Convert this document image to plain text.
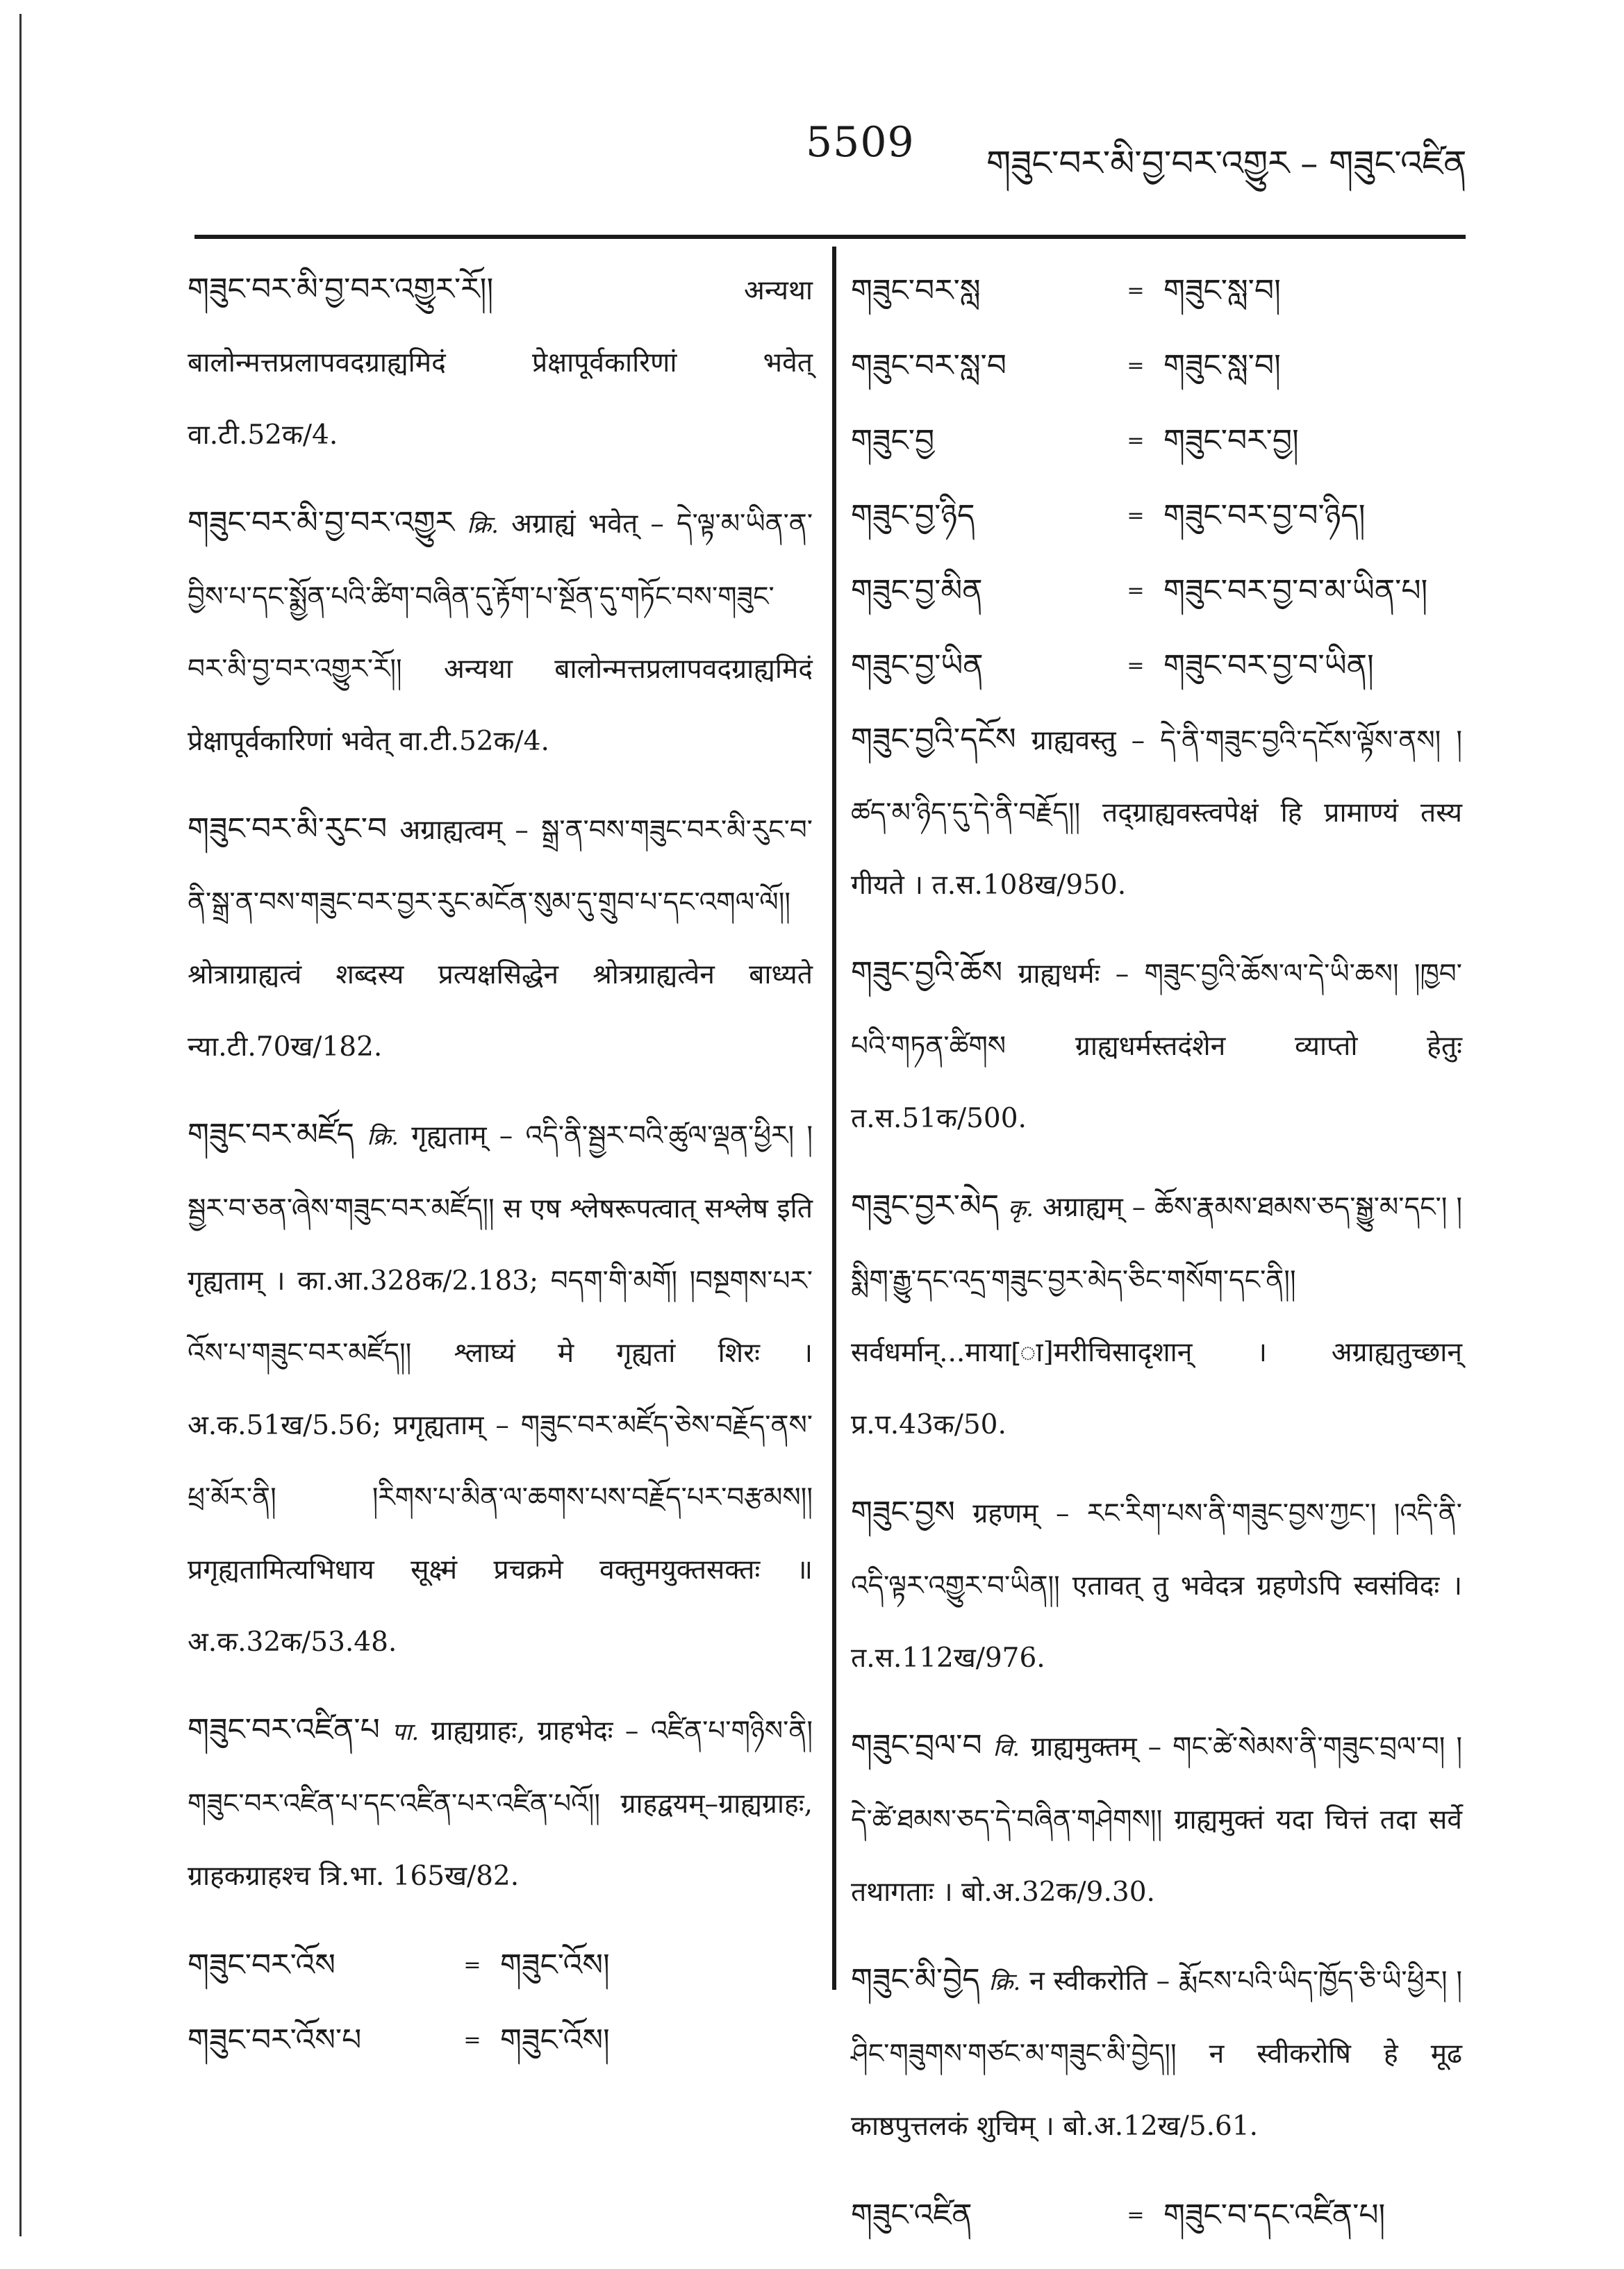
5509 གཟུང་བར་མི་བྱ་བར་འགྱུར – གཟུང་འཛིན
གཟུང་བར་མི་བྱ་བར་འགྱུར་རོ།།	अन्यथा बालोन्मत्तप्रलापवदग्राह्यमिदं प्रेक्षापूर्वकारिणां भवेत् वा.टी.52क/4.
གཟུང་བར་མི་བྱ་བར་འགྱུར क्रि. अग्राह्यं भवेत् – དེ་ལྟ་མ་ཡིན་ན་བྱིས་པ་དང་སྨྱོན་པའི་ཚིག་བཞིན་དུ་རྟོག་པ་སྔོན་དུ་གཏོང་བས་གཟུང་བར་མི་བྱ་བར་འགྱུར་རོ།། अन्यथा बालोन्मत्तप्रलापवदग्राह्यमिदं प्रेक्षापूर्वकारिणां भवेत् वा.टी.52क/4.
གཟུང་བར་མི་རུང་བ अग्राह्यत्वम् – སྒྲ་ན་བས་གཟུང་བར་མི་རུང་བ་ནི་སྒྲ་ན་བས་གཟུང་བར་བྱར་རུང་མངོན་སུམ་དུ་གྲུབ་པ་དང་འགལ་ལོ།། श्रोत्राग्राह्यत्वं शब्दस्य प्रत्यक्षसिद्धेन श्रोत्रग्राह्यत्वेन बाध्यते न्या.टी.70ख/182.
གཟུང་བར་མཛོད क्रि. गृह्यताम् – འདི་ནི་སྦྱར་བའི་ཚུལ་ལྡན་ཕྱིར། །སྦྱར་བ་ཅན་ཞེས་གཟུང་བར་མཛོད།། स एष श्लेषरूपत्वात् सश्लेष इति गृह्यताम् । का.आ.328क/2.183; བདག་གི་མགོ། །བསྔགས་པར་འོས་པ་གཟུང་བར་མཛོད།། श्लाघ्यं मे गृह्यतां शिरः । अ.क.51ख/5.56; प्रगृह्यताम् – གཟུང་བར་མཛོད་ཅེས་བརྗོད་ནས་ཕྲ་མོར་ནི། །རིགས་པ་མིན་ལ་ཆགས་པས་བརྗོད་པར་བརྩམས།། प्रगृह्यतामित्यभिधाय सूक्ष्मं प्रचक्रमे वक्तुमयुक्तसक्तः ॥ अ.क.32क/53.48.
གཟུང་བར་འཛིན་པ पा. ग्राह्यग्राहः, ग्राहभेदः – འཛིན་པ་གཉིས་ནི། གཟུང་བར་འཛིན་པ་དང་འཛིན་པར་འཛིན་པའོ།། ग्राहद्वयम्–ग्राह्यग्राहः, ग्राहकग्राहश्च त्रि.भा. 165ख/82.
གཟུང་བར་འོས	= གཟུང་འོས།
གཟུང་བར་འོས་པ	= གཟུང་འོས།
གཟུང་བར་སླ	= གཟུང་སླ་བ།
གཟུང་བར་སླ་བ	= གཟུང་སླ་བ།
གཟུང་བྱ	= གཟུང་བར་བྱ།
གཟུང་བྱ་ཉིད	= གཟུང་བར་བྱ་བ་ཉིད།
གཟུང་བྱ་མིན	= གཟུང་བར་བྱ་བ་མ་ཡིན་པ།
གཟུང་བྱ་ཡིན	= གཟུང་བར་བྱ་བ་ཡིན།
གཟུང་བྱའི་དངོས ग्राह्यवस्तु – དེ་ནི་གཟུང་བྱའི་དངོས་ལྟོས་ནས། །ཚད་མ་ཉིད་དུ་དེ་ནི་བརྗོད།། तद्ग्राह्यवस्त्वपेक्षं हि प्रामाण्यं तस्य गीयते । त.स.108ख/950.
གཟུང་བྱའི་ཆོས ग्राह्यधर्मः – གཟུང་བྱའི་ཆོས་ལ་དེ་ཡི་ཆས། །ཁྱབ་པའི་གཏན་ཚིགས ग्राह्यधर्मस्तदंशेन व्याप्तो हेतुः त.स.51क/500.
གཟུང་བྱར་མེད कृ. अग्राह्यम् – ཆོས་རྣམས་ཐམས་ཅད་སྒྱུ་མ་དང་། །སྨིག་རྒྱུ་དང་འདྲ་གཟུང་བྱར་མེད་ཅིང་གསོག་དང་ནི།། सर्वधर्मान्...माया[ा]मरीचिसादृशान् । अग्राह्यतुच्छान् प्र.प.43क/50.
གཟུང་བྱས ग्रहणम् – རང་རིག་པས་ནི་གཟུང་བྱས་ཀྱང་། །འདི་ནི་འདི་ལྟར་འགྱུར་བ་ཡིན།། एतावत् तु भवेदत्र ग्रहणेऽपि स्वसंविदः । त.स.112ख/976.
གཟུང་བྲལ་བ वि. ग्राह्यमुक्तम् – གང་ཚེ་སེམས་ནི་གཟུང་བྲལ་བ། །དེ་ཚེ་ཐམས་ཅད་དེ་བཞིན་གཤེགས།། ग्राह्यमुक्तं यदा चित्तं तदा सर्वे तथागताः । बो.अ.32क/9.30.
གཟུང་མི་བྱེད क्रि. न स्वीकरोति – རྨོངས་པའི་ཡིད་ཁྱོད་ཅི་ཡི་ཕྱིར། །ཤིང་གཟུགས་གཙང་མ་གཟུང་མི་བྱེད།། न स्वीकरोषि हे मूढ काष्ठपुत्तलकं शुचिम् । बो.अ.12ख/5.61.
གཟུང་འཛིན	= གཟུང་བ་དང་འཛིན་པ།
